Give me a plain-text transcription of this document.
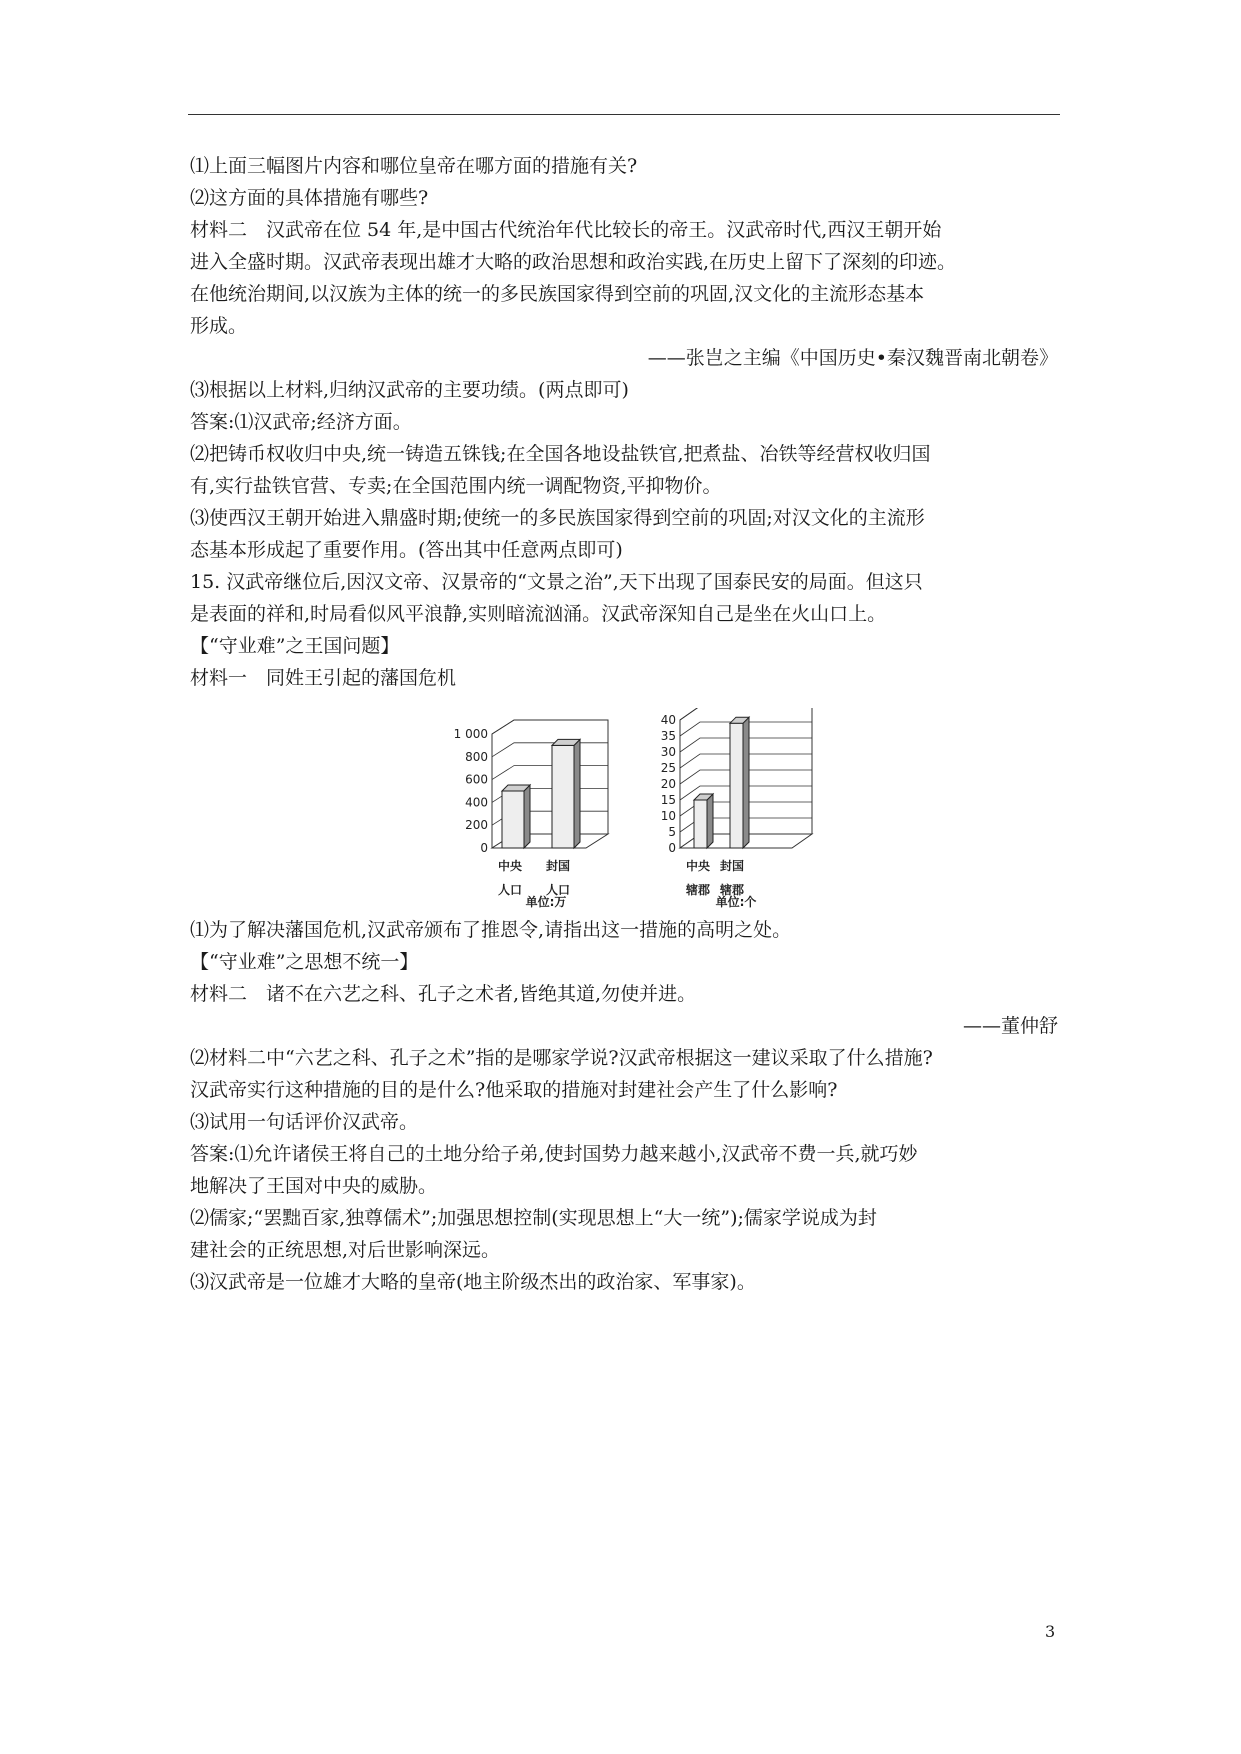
⑴上面三幅图片内容和哪位皇帝在哪方面的措施有关?
⑵这方面的具体措施有哪些?
材料二　汉武帝在位 54 年,是中国古代统治年代比较长的帝王。汉武帝时代,西汉王朝开始
进入全盛时期。汉武帝表现出雄才大略的政治思想和政治实践,在历史上留下了深刻的印迹。
在他统治期间,以汉族为主体的统一的多民族国家得到空前的巩固,汉文化的主流形态基本
形成。
——张岂之主编《中国历史•秦汉魏晋南北朝卷》
⑶根据以上材料,归纳汉武帝的主要功绩。(两点即可)
答案:⑴汉武帝;经济方面。
⑵把铸币权收归中央,统一铸造五铢钱;在全国各地设盐铁官,把煮盐、冶铁等经营权收归国
有,实行盐铁官营、专卖;在全国范围内统一调配物资,平抑物价。
⑶使西汉王朝开始进入鼎盛时期;使统一的多民族国家得到空前的巩固;对汉文化的主流形
态基本形成起了重要作用。(答出其中任意两点即可)
15. 汉武帝继位后,因汉文帝、汉景帝的“文景之治”,天下出现了国泰民安的局面。但这只
是表面的祥和,时局看似风平浪静,实则暗流汹涌。汉武帝深知自己是坐在火山口上。
【“守业难”之王国问题】
材料一　同姓王引起的藩国危机
0
200
400
600
800
1 000
中央
人口
封国
人口
单位:万
0
5
10
15
20
25
30
35
40
中央
辖郡
封国
辖郡
单位:个
⑴为了解决藩国危机,汉武帝颁布了推恩令,请指出这一措施的高明之处。
【“守业难”之思想不统一】
材料二　诸不在六艺之科、孔子之术者,皆绝其道,勿使并进。
——董仲舒
⑵材料二中“六艺之科、孔子之术”指的是哪家学说?汉武帝根据这一建议采取了什么措施?
汉武帝实行这种措施的目的是什么?他采取的措施对封建社会产生了什么影响?
⑶试用一句话评价汉武帝。
答案:⑴允许诸侯王将自己的土地分给子弟,使封国势力越来越小,汉武帝不费一兵,就巧妙
地解决了王国对中央的威胁。
⑵儒家;“罢黜百家,独尊儒术”;加强思想控制(实现思想上“大一统”);儒家学说成为封
建社会的正统思想,对后世影响深远。
⑶汉武帝是一位雄才大略的皇帝(地主阶级杰出的政治家、军事家)。
3
